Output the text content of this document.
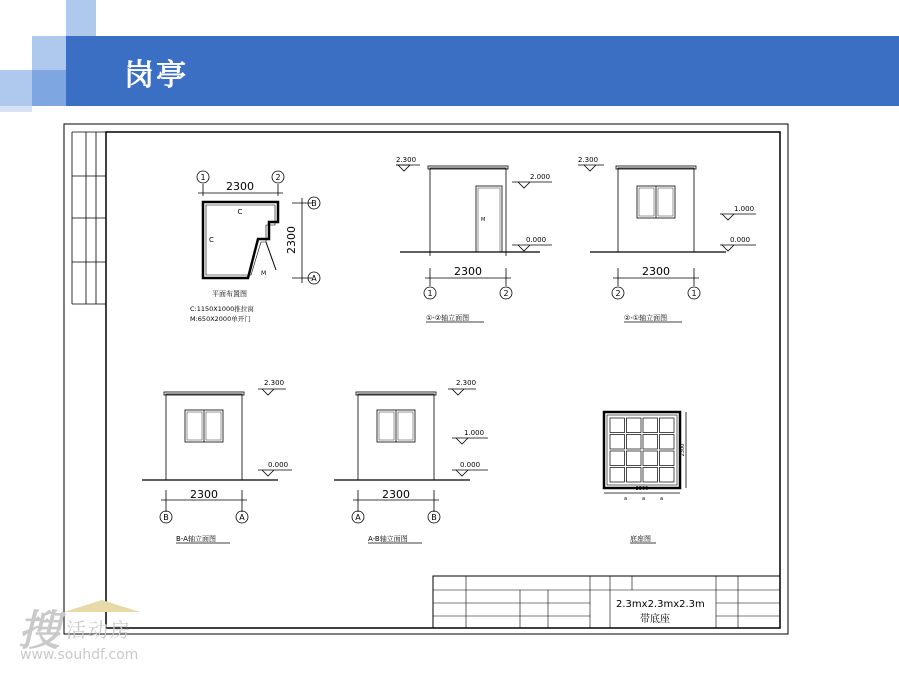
岗亭
1	2
2300
C
C
M
B
A
2300
平面布置图
C:1150X1000推拉窗
M:650X2000单开门
2.300
M
2.000
0.000
2300
1	2
①-②轴立面图
2.300
1.000
0.000
2300
2	1
②-①轴立面图
2.300
0.000
2300
B	A
B-A轴立面图
2.300
1.000
0.000
2300
A	B
A-B轴立面图
2300
2300
a	a	a
底座图
2.3mx2.3mx2.3m
带底座
搜 活动房
www.souhdf.com
